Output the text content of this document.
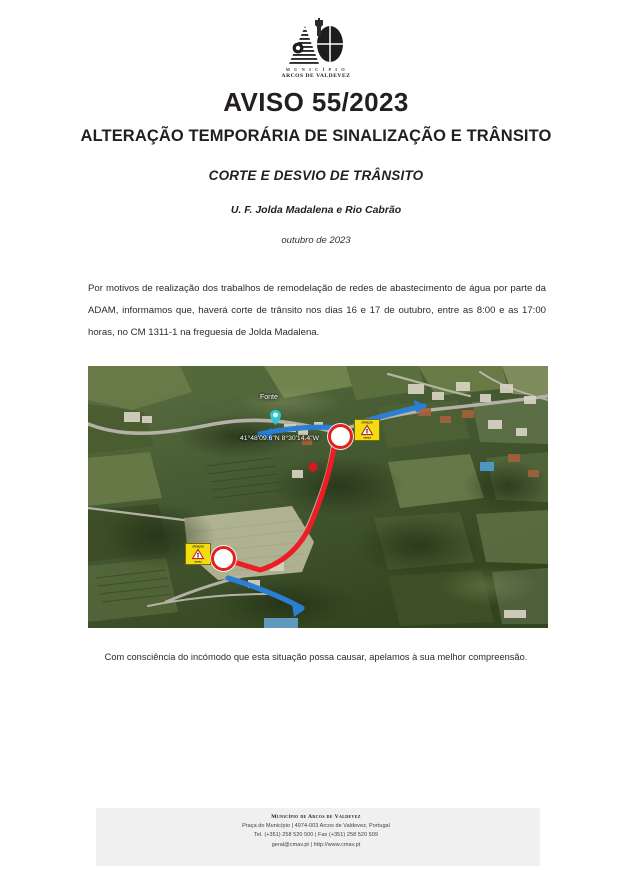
M U N I C Í P I O
ARCOS DE VALDEVEZ
AVISO 55/2023
ALTERAÇÃO TEMPORÁRIA DE SINALIZAÇÃO E TRÂNSITO
CORTE E DESVIO DE TRÂNSITO
U. F. Jolda Madalena e Rio Cabrão
outubro de 2023
Por motivos de realização dos trabalhos de remodelação de redes de abastecimento de água por parte da ADAM, informamos que, haverá corte de trânsito nos dias 16 e 17 de outubro, entre as 8:00 e as 17:00 horas, no CM 1311-1 na freguesia de Jolda Madalena.
Fonte
41°48'09.6"N 8°30'14.4"W
ATENÇÃO
OBRAS
ATENÇÃO
OBRAS
Com consciência do incómodo que esta situação possa causar, apelamos à sua melhor compreensão.
Município de Arcos de Valdevez
Praça do Município | 4974-003 Arcos de Valdevez, Portugal
Tel. (+351) 258 520 500 | Fax (+351) 258 520 509
geral@cmav.pt | http://www.cmav.pt
